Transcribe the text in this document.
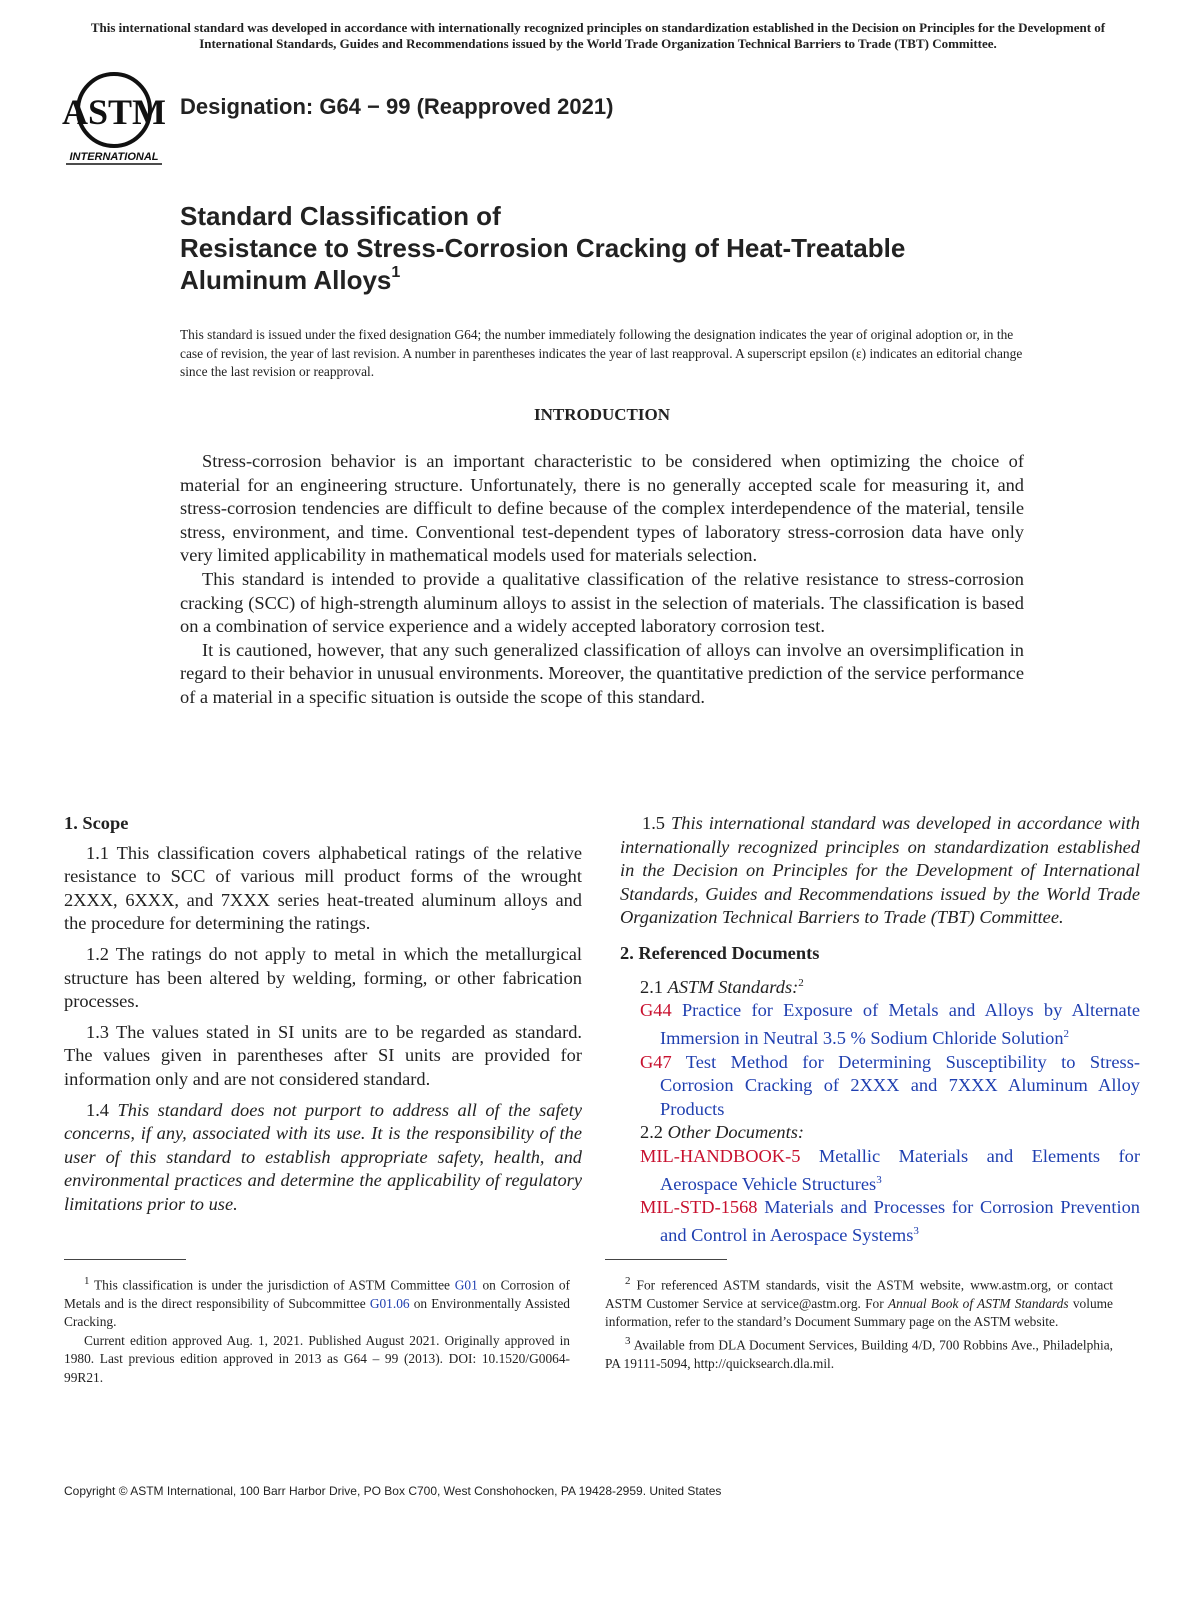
This international standard was developed in accordance with internationally recognized principles on standardization established in the Decision on Principles for the Development of International Standards, Guides and Recommendations issued by the World Trade Organization Technical Barriers to Trade (TBT) Committee.
ASTM
INTERNATIONAL
Designation: G64 − 99 (Reapproved 2021)
Standard Classification of
Resistance to Stress-Corrosion Cracking of Heat-Treatable
Aluminum Alloys$^1$
This standard is issued under the fixed designation G64; the number immediately following the designation indicates the year of original adoption or, in the case of revision, the year of last revision. A number in parentheses indicates the year of last reapproval. A superscript epsilon (ε) indicates an editorial change since the last revision or reapproval.
INTRODUCTION

Stress-corrosion behavior is an important characteristic to be considered when optimizing the choice of material for an engineering structure. Unfortunately, there is no generally accepted scale for measuring it, and stress-corrosion tendencies are difficult to define because of the complex interdependence of the material, tensile stress, environment, and time. Conventional test-dependent types of laboratory stress-corrosion data have only very limited applicability in mathematical models used for materials selection.

This standard is intended to provide a qualitative classification of the relative resistance to stress-corrosion cracking (SCC) of high-strength aluminum alloys to assist in the selection of materials. The classification is based on a combination of service experience and a widely accepted laboratory corrosion test.

It is cautioned, however, that any such generalized classification of alloys can involve an oversimplification in regard to their behavior in unusual environments. Moreover, the quantitative prediction of the service performance of a material in a specific situation is outside the scope of this standard.

1. Scope

1.1 This classification covers alphabetical ratings of the relative resistance to SCC of various mill product forms of the wrought 2XXX, 6XXX, and 7XXX series heat-treated aluminum alloys and the procedure for determining the ratings.

1.2 The ratings do not apply to metal in which the metallurgical structure has been altered by welding, forming, or other fabrication processes.

1.3 The values stated in SI units are to be regarded as standard. The values given in parentheses after SI units are provided for information only and are not considered standard.

1.4 This standard does not purport to address all of the safety concerns, if any, associated with its use. It is the responsibility of the user of this standard to establish appropriate safety, health, and environmental practices and determine the applicability of regulatory limitations prior to use.

1.5 This international standard was developed in accordance with internationally recognized principles on standardization established in the Decision on Principles for the Development of International Standards, Guides and Recommendations issued by the World Trade Organization Technical Barriers to Trade (TBT) Committee.

2. Referenced Documents

2.1 ASTM Standards:$^2$

G44 Practice for Exposure of Metals and Alloys by Alternate Immersion in Neutral 3.5 % Sodium Chloride Solution$^2$

G47 Test Method for Determining Susceptibility to Stress-Corrosion Cracking of 2XXX and 7XXX Aluminum Alloy Products

2.2 Other Documents:

MIL-HANDBOOK-5 Metallic Materials and Elements for Aerospace Vehicle Structures$^3$

MIL-STD-1568 Materials and Processes for Corrosion Prevention and Control in Aerospace Systems$^3$

$^1$ This classification is under the jurisdiction of ASTM Committee G01 on Corrosion of Metals and is the direct responsibility of Subcommittee G01.06 on Environmentally Assisted Cracking.

Current edition approved Aug. 1, 2021. Published August 2021. Originally approved in 1980. Last previous edition approved in 2013 as G64 – 99 (2013). DOI: 10.1520/G0064-99R21.

$^2$ For referenced ASTM standards, visit the ASTM website, www.astm.org, or contact ASTM Customer Service at service@astm.org. For Annual Book of ASTM Standards volume information, refer to the standard’s Document Summary page on the ASTM website.

$^3$ Available from DLA Document Services, Building 4/D, 700 Robbins Ave., Philadelphia, PA 19111-5094, http://quicksearch.dla.mil.

Copyright © ASTM International, 100 Barr Harbor Drive, PO Box C700, West Conshohocken, PA 19428-2959. United States
